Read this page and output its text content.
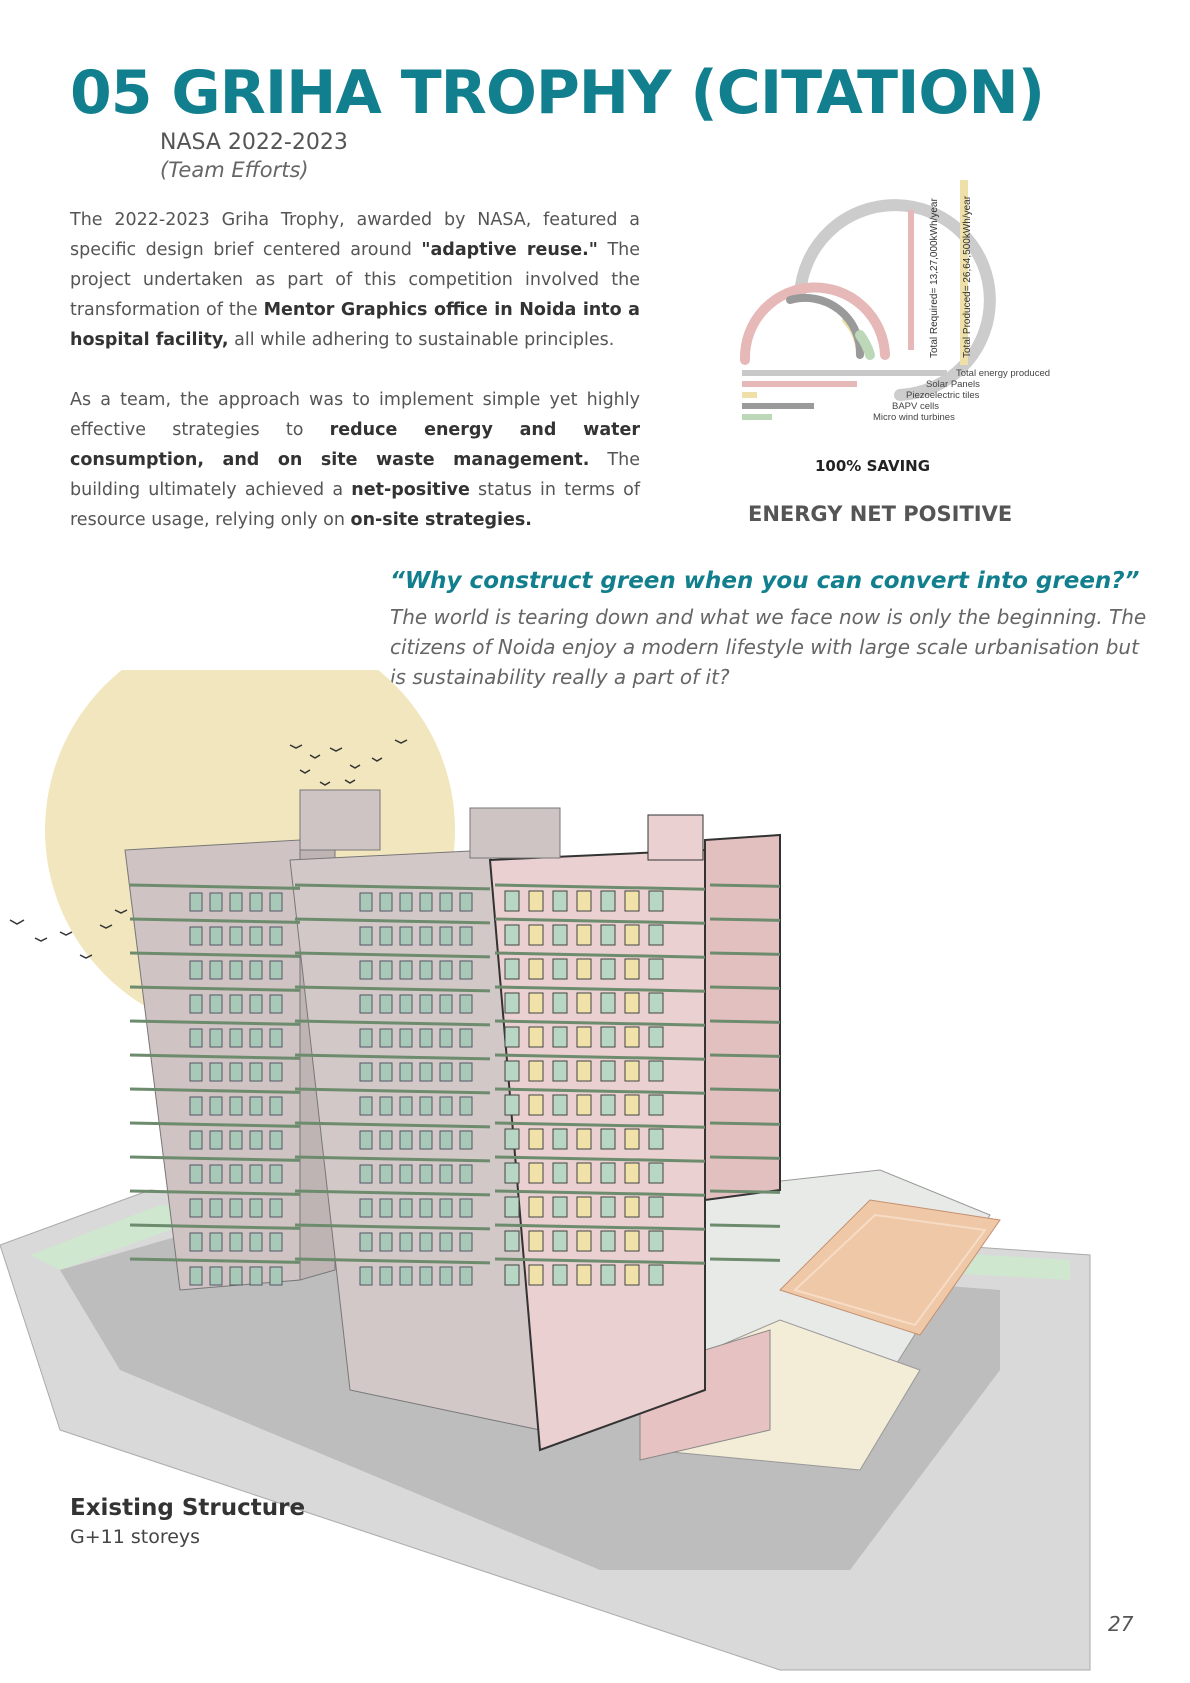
05 GRIHA TROPHY (CITATION)
NASA 2022-2023
(Team Efforts)

The 2022-2023 Griha Trophy, awarded by NASA, featured a specific design brief centered around "adaptive reuse." The project undertaken as part of this competition involved the transformation of the Mentor Graphics office in Noida into a hospital facility, all while adhering to sustainable principles.

As a team, the approach was to implement simple yet highly effective strategies to reduce energy and water consumption, and on site waste management. The building ultimately achieved a net-positive status in terms of resource usage, relying only on on-site strategies.

Total Required= 13,27,000kWh/year Total Produced= 26,64,500kWh/year
Total energy produced
Solar Panels
Piezoelectric tiles
BAPV cells
Micro wind turbines
100% SAVING
ENERGY NET POSITIVE
“Why construct green when you can convert into green?”

The world is tearing down and what we face now is only the beginning. The citizens of Noida enjoy a modern lifestyle with large scale urbanisation but is sustainability really a part of it?

Existing Structure
G+11 storeys
27
